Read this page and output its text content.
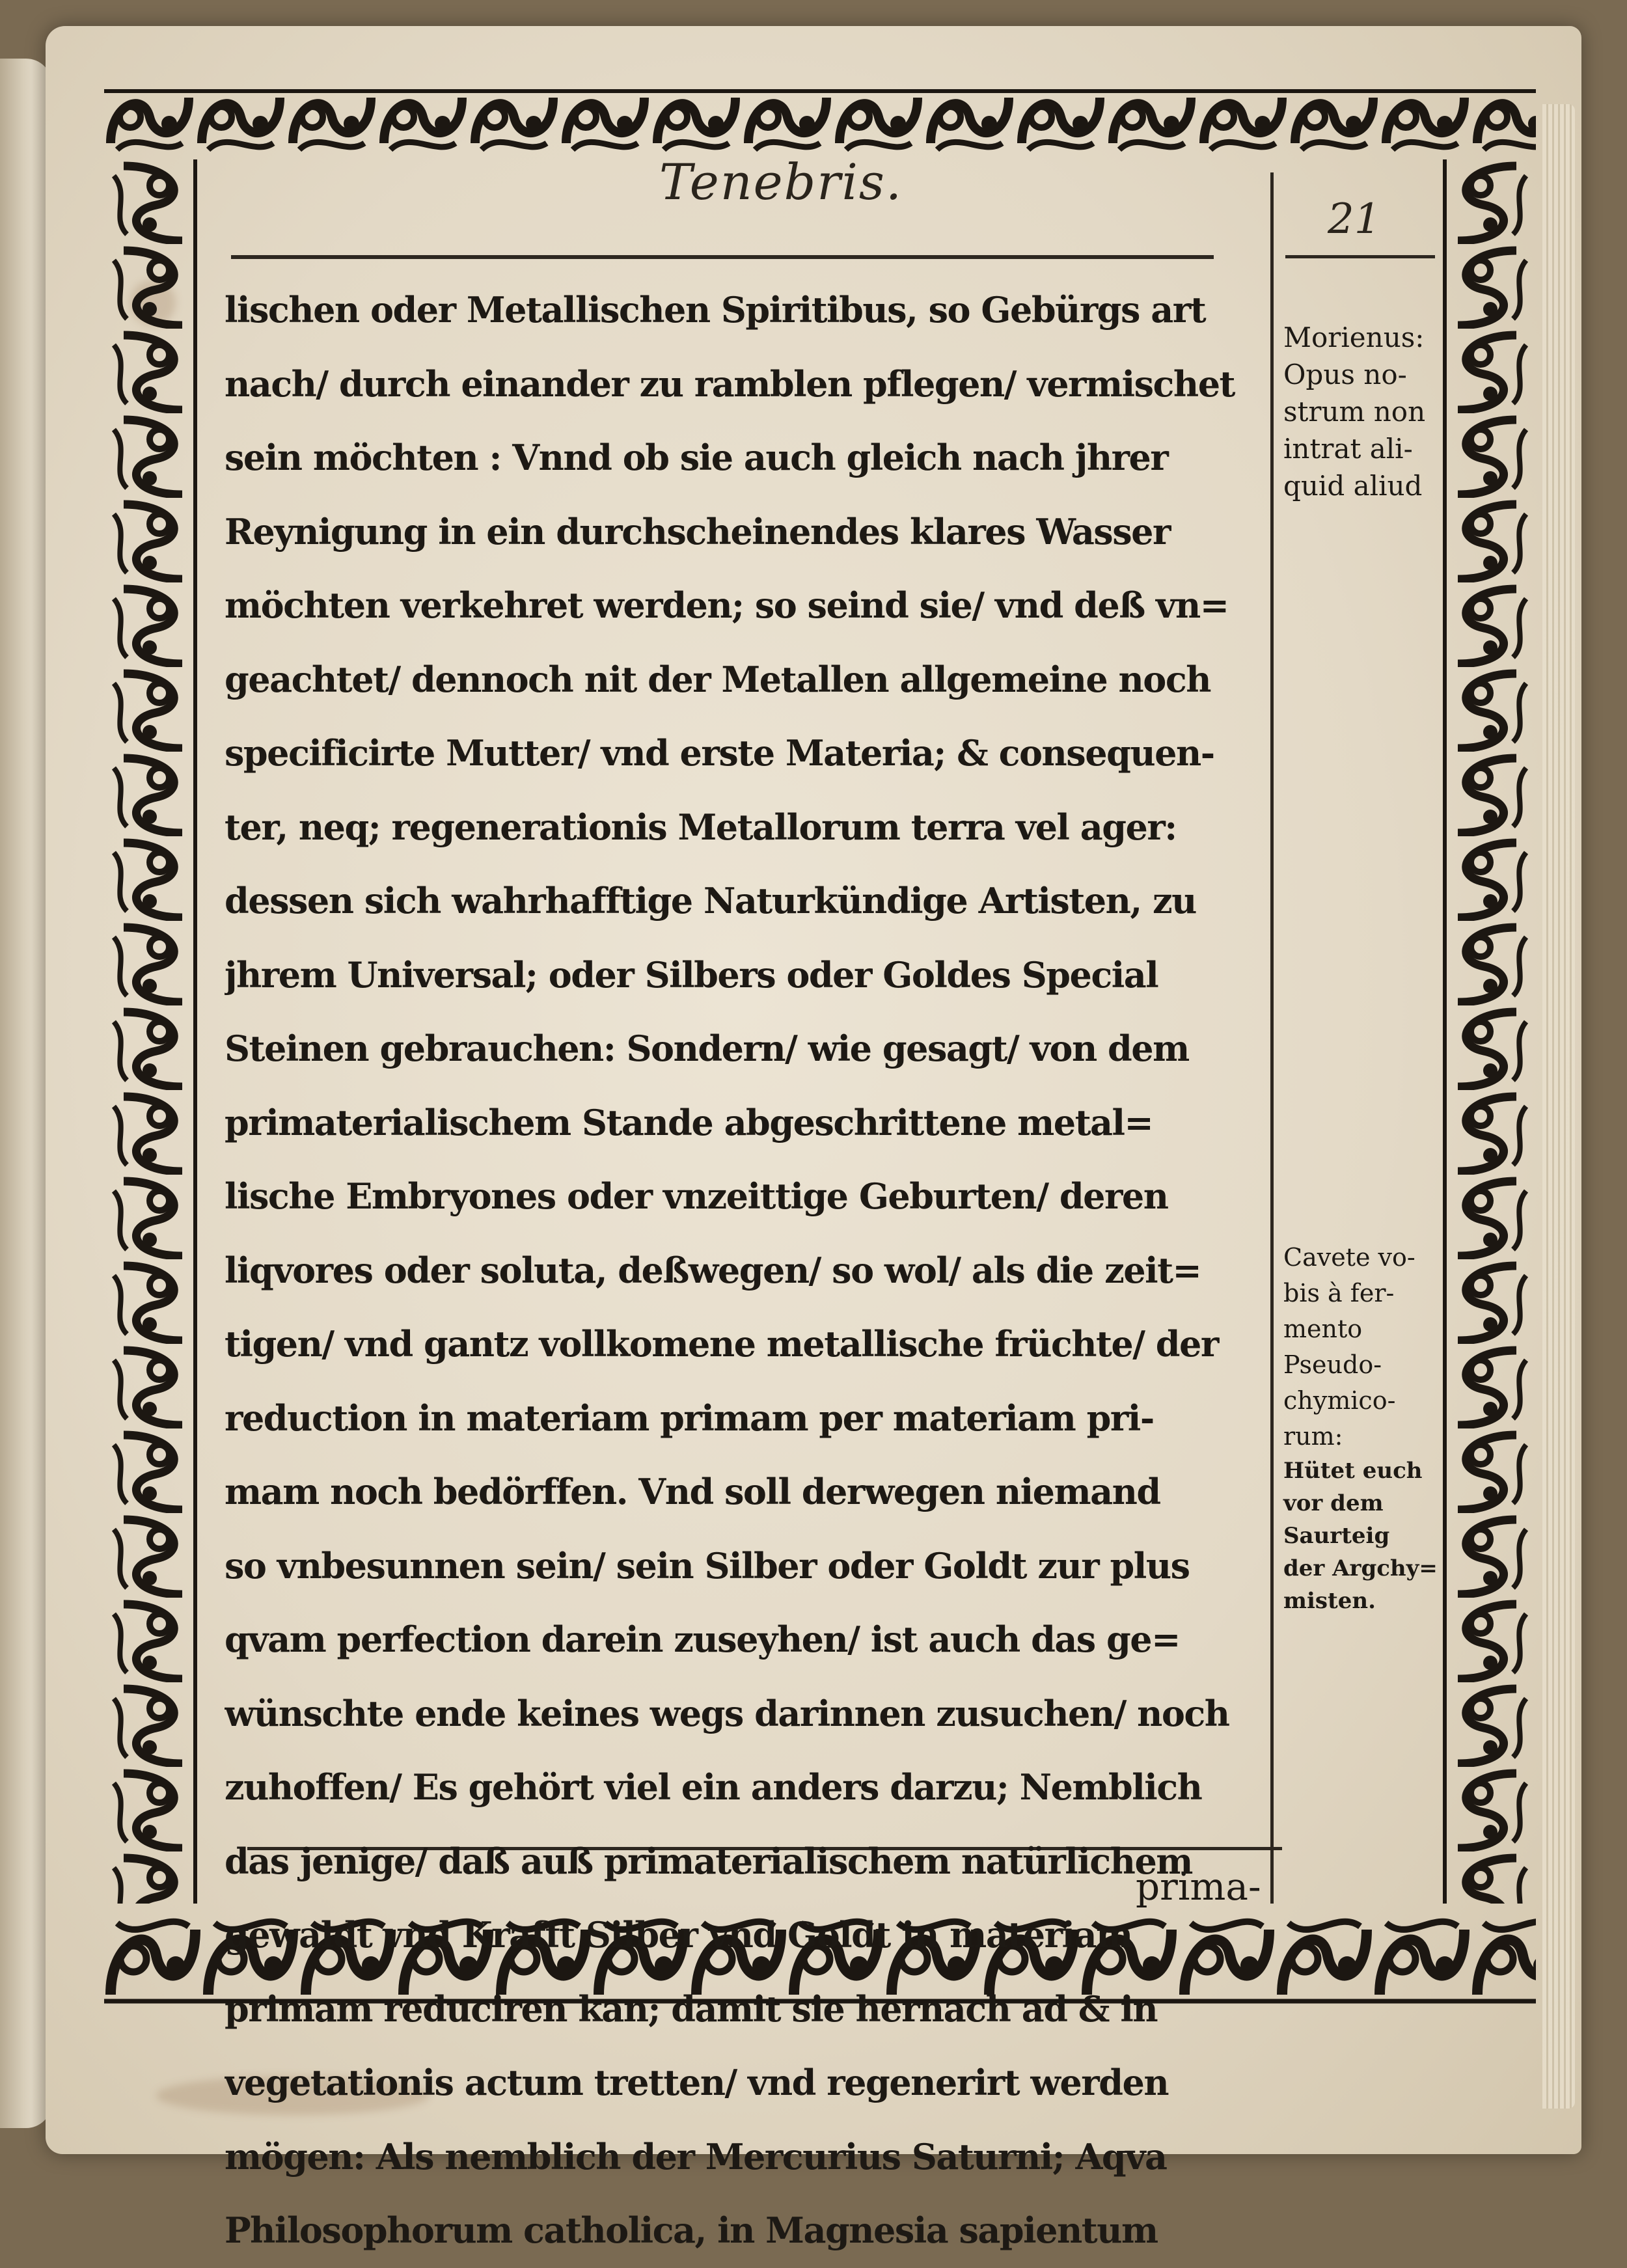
Tenebris.
21
lischen oder Metallischen Spiritibus, so Gebürgs art
nach/ durch einander zu ramblen pflegen/ vermischet
sein möchten : Vnnd ob sie auch gleich nach jhrer
Reynigung in ein durchscheinendes klares Wasser
möchten verkehret werden; so seind sie/ vnd deß vn=
geachtet/ dennoch nit der Metallen allgemeine noch
specificirte Mutter/ vnd erste Materia; & consequen-
ter, neq; regenerationis Metallorum terra vel ager:
dessen sich wahrhafftige Naturkündige Artisten, zu
jhrem Universal; oder Silbers oder Goldes Special
Steinen gebrauchen: Sondern/ wie gesagt/ von dem
primaterialischem Stande abgeschrittene metal=
lische Embryones oder vnzeittige Geburten/ deren
liqvores oder soluta, deßwegen/ so wol/ als die zeit=
tigen/ vnd gantz vollkomene metallische früchte/ der
reduction in materiam primam per materiam pri-
mam noch bedörffen. Vnd soll derwegen niemand
so vnbesunnen sein/ sein Silber oder Goldt zur plus
qvam perfection darein zuseyhen/ ist auch das ge=
wünschte ende keines wegs darinnen zusuchen/ noch
zuhoffen/ Es gehört viel ein anders darzu; Nemblich
das jenige/ daß auß primaterialischem natürlichem
gewaldt vnd Krafft Silber vnd Goldt in materiam
primam reduciren kan; damit sie hernach ad & in
vegetationis actum tretten/ vnd regenerirt werden
mögen: Als nemblich der Mercurius Saturni; Aqva
Philosophorum catholica, in Magnesia sapientum
prima-
Morienus:
Opus no-
strum non
intrat ali-
quid aliud
Cavete vo-
bis à fer-
mento
Pseudo-
chymico-
rum:
Hütet euch
vor dem
Saurteig
der Argchy=
misten.
